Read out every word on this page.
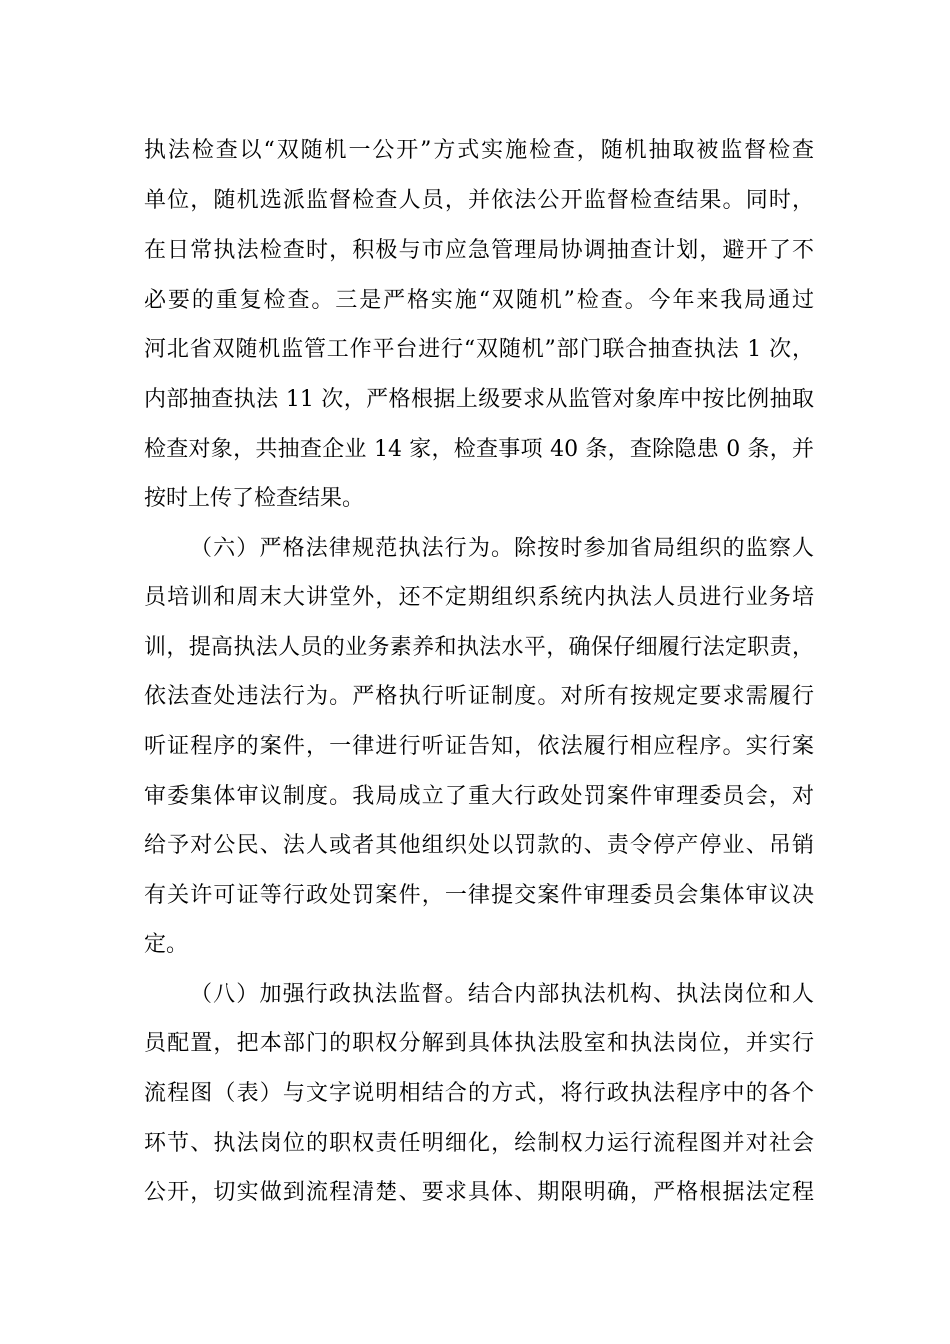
执法检查以“双随机一公开”方式实施检查，随机抽取被监督检查
单位，随机选派监督检查人员，并依法公开监督检查结果。同时，
在日常执法检查时，积极与市应急管理局协调抽查计划，避开了不
必要的重复检查。三是严格实施“双随机”检查。今年来我局通过
河北省双随机监管工作平台进行“双随机”部门联合抽查执法 1 次，
内部抽查执法 11 次，严格根据上级要求从监管对象库中按比例抽取
检查对象，共抽查企业 14 家，检查事项 40 条，查除隐患 0 条，并
按时上传了检查结果。
（六）严格法律规范执法行为。除按时参加省局组织的监察人
员培训和周末大讲堂外，还不定期组织系统内执法人员进行业务培
训，提高执法人员的业务素养和执法水平，确保仔细履行法定职责，
依法查处违法行为。严格执行听证制度。对所有按规定要求需履行
听证程序的案件，一律进行听证告知，依法履行相应程序。实行案
审委集体审议制度。我局成立了重大行政处罚案件审理委员会，对
给予对公民、法人或者其他组织处以罚款的、责令停产停业、吊销
有关许可证等行政处罚案件，一律提交案件审理委员会集体审议决
定。
（八）加强行政执法监督。结合内部执法机构、执法岗位和人
员配置，把本部门的职权分解到具体执法股室和执法岗位，并实行
流程图（表）与文字说明相结合的方式，将行政执法程序中的各个
环节、执法岗位的职权责任明细化，绘制权力运行流程图并对社会
公开，切实做到流程清楚、要求具体、期限明确，严格根据法定程
